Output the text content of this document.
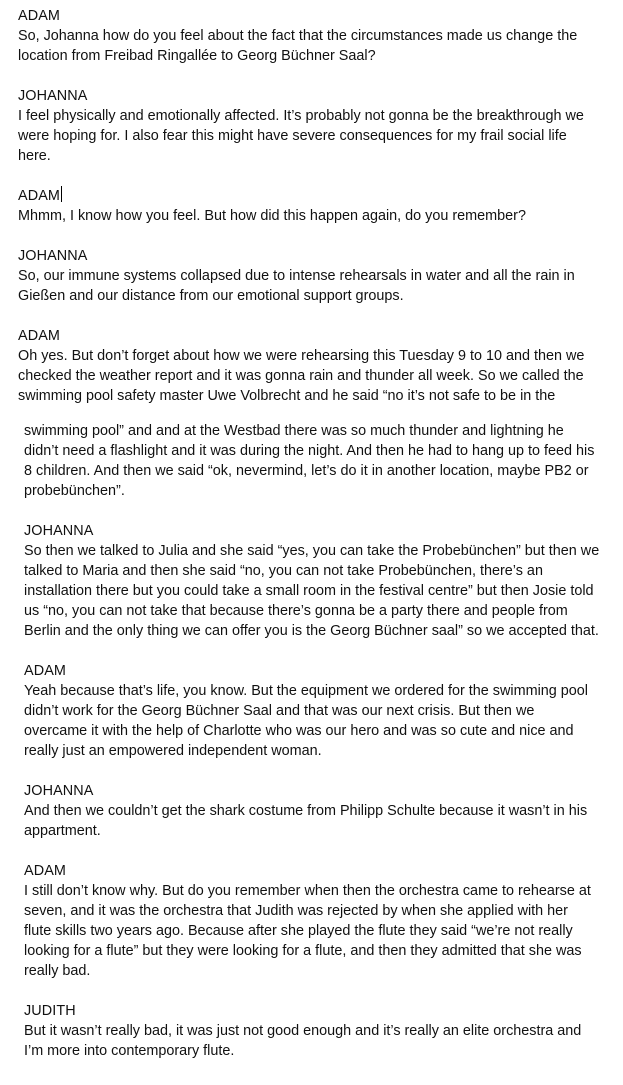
ADAM
So, Johanna how do you feel about the fact that the circumstances made us change the
location from Freibad Ringallée to Georg Büchner Saal?
JOHANNA
I feel physically and emotionally affected. It’s probably not gonna be the breakthrough we
were hoping for. I also fear this might have severe consequences for my frail social life
here.
ADAM
Mhmm, I know how you feel. But how did this happen again, do you remember?
JOHANNA
So, our immune systems collapsed due to intense rehearsals in water and all the rain in
Gießen and our distance from our emotional support groups.
ADAM
Oh yes. But don’t forget about how we were rehearsing this Tuesday 9 to 10 and then we
checked the weather report and it was gonna rain and thunder all week. So we called the
swimming pool safety master Uwe Volbrecht and he said “no it’s not safe to be in the
swimming pool” and and at the Westbad there was so much thunder and lightning he
didn’t need a flashlight and it was during the night. And then he had to hang up to feed his
8 children. And then we said “ok, nevermind, let’s do it in another location, maybe PB2 or
probebünchen”.
JOHANNA
So then we talked to Julia and she said “yes, you can take the Probebünchen” but then we
talked to Maria and then she said “no, you can not take Probebünchen, there’s an
installation there but you could take a small room in the festival centre” but then Josie told
us “no, you can not take that because there’s gonna be a party there and people from
Berlin and the only thing we can offer you is the Georg Büchner saal” so we accepted that.
ADAM
Yeah because that’s life, you know. But the equipment we ordered for the swimming pool
didn’t work for the Georg Büchner Saal and that was our next crisis. But then we
overcame it with the help of Charlotte who was our hero and was so cute and nice and
really just an empowered independent woman.
JOHANNA
And then we couldn’t get the shark costume from Philipp Schulte because it wasn’t in his
appartment.
ADAM
I still don’t know why. But do you remember when then the orchestra came to rehearse at
seven, and it was the orchestra that Judith was rejected by when she applied with her
flute skills two years ago. Because after she played the flute they said “we’re not really
looking for a flute” but they were looking for a flute, and then they admitted that she was
really bad.
JUDITH
But it wasn’t really bad, it was just not good enough and it’s really an elite orchestra and
I’m more into contemporary flute.
